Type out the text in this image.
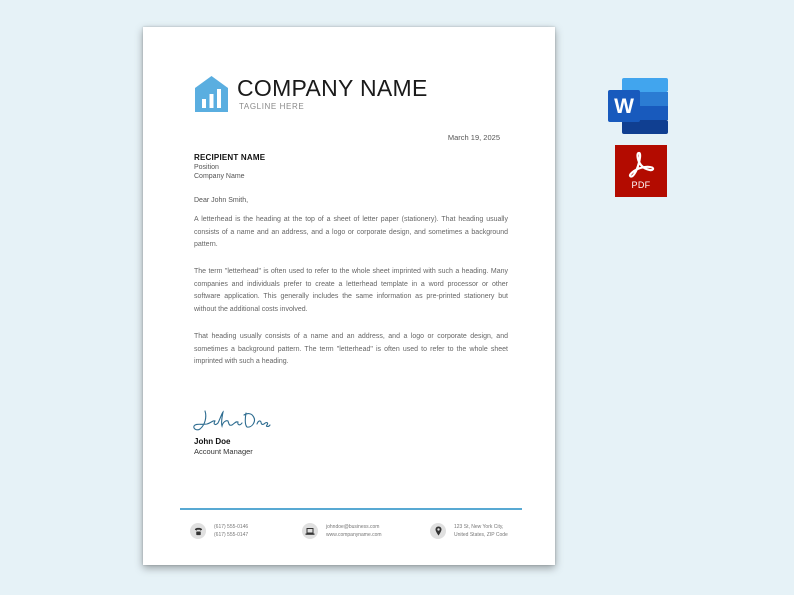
COMPANY NAME
TAGLINE HERE
March 19, 2025
RECIPIENT NAME
Position
Company Name
Dear John Smith,

A letterhead is the heading at the top of a sheet of letter paper (stationery). That heading usually consists of a name and an address, and a logo or corporate design, and sometimes a background pattern.

The term "letterhead" is often used to refer to the whole sheet imprinted with such a heading. Many companies and individuals prefer to create a letterhead template in a word processor or other software application. This generally includes the same information as pre-printed stationery but without the additional costs involved.

That heading usually consists of a name and an address, and a logo or corporate design, and sometimes a background pattern. The term "letterhead" is often used to refer to the whole sheet imprinted with such a heading.

John Doe
Account Manager
(617) 555-0146
(617) 555-0147
johndoe@business.com
www.companyname.com
123 St, New York City,
United States, ZIP Code
W
PDF
